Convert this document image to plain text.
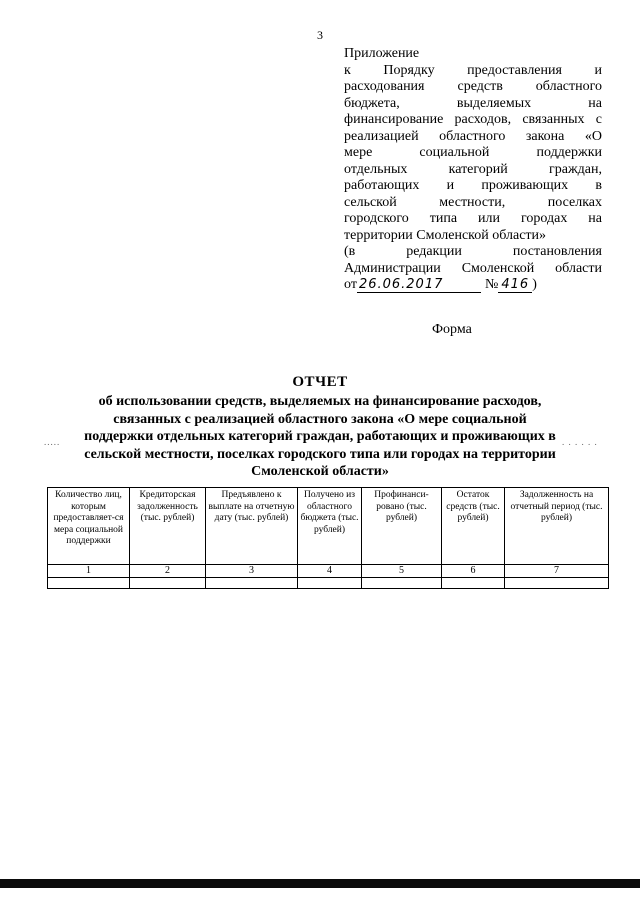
3
Приложение
к Порядку предоставления и
расходования средств областного
бюджета, выделяемых на
финансирование расходов, связанных с
реализацией областного закона «О
мере социальной поддержки
отдельных категорий граждан,
работающих и проживающих в
сельской местности, поселках
городского типа или городах на
территории Смоленской области»
(в редакции постановления
Администрации Смоленской области
от 26.06.2017	№ 416 )
Форма
ОТЧЕТ
об использовании средств, выделяемых на финансирование расходов,
связанных с реализацией областного закона «О мере социальной
поддержки отдельных категорий граждан, работающих и проживающих в
сельской местности, поселках городского типа или городах на территории
Смоленской области»
.....	. . . . . .
Количество лиц, которым предоставляет-ся мера социальной поддержки	Кредиторская задолженность (тыс. рублей)	Предъявлено к выплате на отчетную дату (тыс. рублей)	Получено из областного бюджета (тыс. рублей)	Профинанси-ровано (тыс. рублей)	Остаток средств (тыс. рублей)	Задолженность на отчетный период (тыс. рублей)
1	2	3	4	5	6	7
